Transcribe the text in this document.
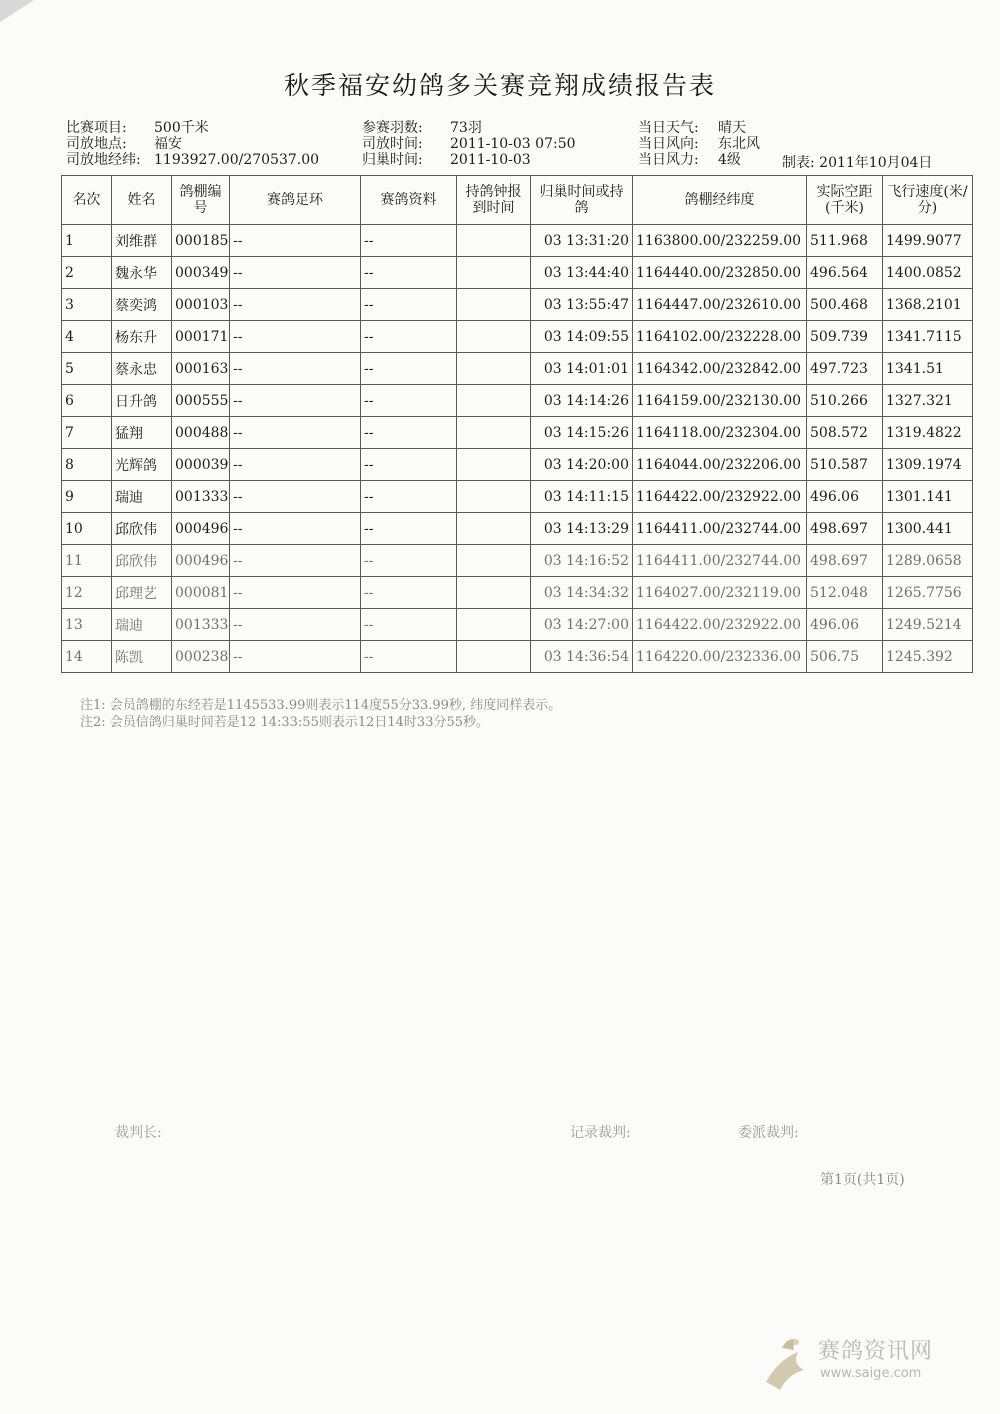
秋季福安幼鸽多关赛竞翔成绩报告表
比赛项目: 500千米
司放地点: 福安
司放地经纬: 1193927.00/270537.00
参赛羽数: 73羽
司放时间: 2011-10-03 07:50
归巢时间: 2011-10-03
当日天气: 晴天
当日风向: 东北风
当日风力: 4级	制表: 2011年10月04日
名次	姓名	鸽棚编号	赛鸽足环	赛鸽资料	持鸽钟报到时间	归巢时间或持鸽	鸽棚经纬度	实际空距(千米)	飞行速度(米/分)
1	刘维群	000185	--	--		03 13:31:20	1163800.00/232259.00	511.968	1499.9077
2	魏永华	000349	--	--		03 13:44:40	1164440.00/232850.00	496.564	1400.0852
3	蔡奕鸿	000103	--	--		03 13:55:47	1164447.00/232610.00	500.468	1368.2101
4	杨东升	000171	--	--		03 14:09:55	1164102.00/232228.00	509.739	1341.7115
5	蔡永忠	000163	--	--		03 14:01:01	1164342.00/232842.00	497.723	1341.51
6	日升鸽	000555	--	--		03 14:14:26	1164159.00/232130.00	510.266	1327.321
7	猛翔	000488	--	--		03 14:15:26	1164118.00/232304.00	508.572	1319.4822
8	光辉鸽	000039	--	--		03 14:20:00	1164044.00/232206.00	510.587	1309.1974
9	瑞迪	001333	--	--		03 14:11:15	1164422.00/232922.00	496.06	1301.141
10	邱欣伟	000496	--	--		03 14:13:29	1164411.00/232744.00	498.697	1300.441
11	邱欣伟	000496	--	--		03 14:16:52	1164411.00/232744.00	498.697	1289.0658
12	邱理艺	000081	--	--		03 14:34:32	1164027.00/232119.00	512.048	1265.7756
13	瑞迪	001333	--	--		03 14:27:00	1164422.00/232922.00	496.06	1249.5214
14	陈凯	000238	--	--		03 14:36:54	1164220.00/232336.00	506.75	1245.392
注1: 会员鸽棚的东经若是1145533.99则表示114度55分33.99秒, 纬度同样表示。
注2: 会员信鸽归巢时间若是12 14:33:55则表示12日14时33分55秒。
裁判长:	记录裁判:	委派裁判:
第1页(共1页)
赛鸽资讯网
www.saige.com
